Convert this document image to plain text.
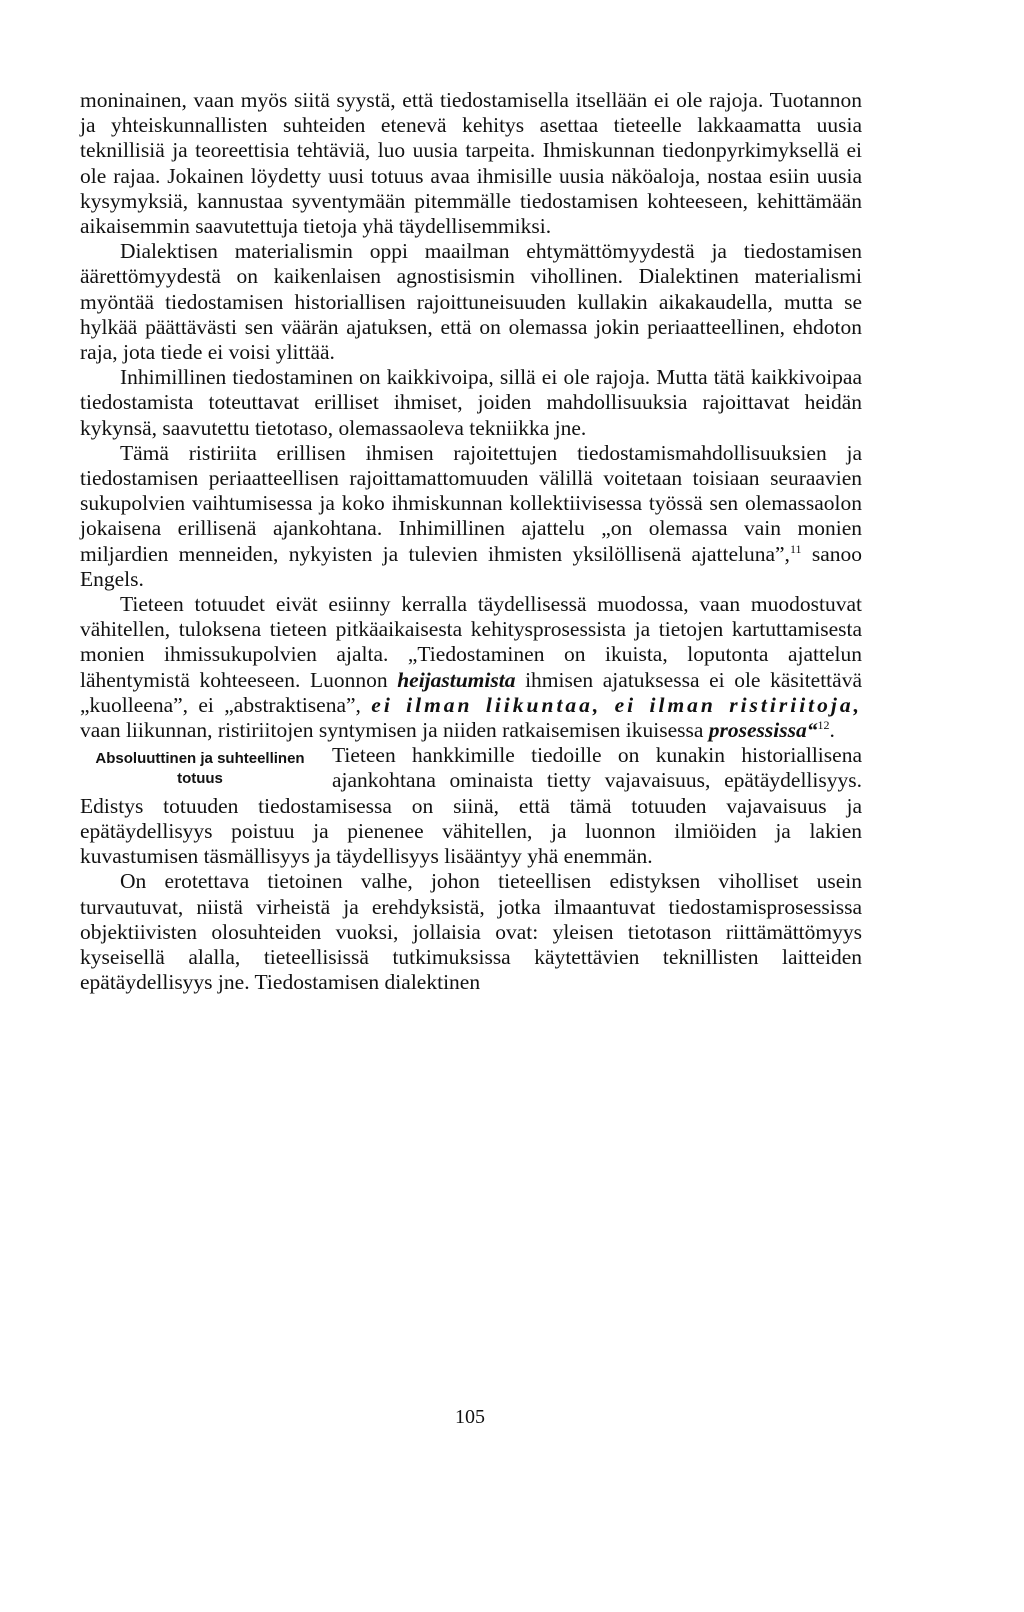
moninainen, vaan myös siitä syystä, että tiedostamisella itsellään ei ole rajoja. Tuotannon ja yhteiskunnallisten suhteiden etenevä kehitys asettaa tieteelle lakkaamatta uusia teknillisiä ja teoreettisia tehtäviä, luo uusia tarpeita. Ihmiskunnan tiedonpyrkimyksellä ei ole rajaa. Jokainen löydetty uusi totuus avaa ihmisille uusia näköaloja, nostaa esiin uusia kysymyksiä, kannustaa syventymään pitemmälle tiedostamisen kohteeseen, kehittämään aikaisemmin saavutettuja tietoja yhä täydellisemmiksi.

Dialektisen materialismin oppi maailman ehtymättömyydestä ja tiedostamisen äärettömyydestä on kaikenlaisen agnostisismin vihollinen. Dialektinen materialismi myöntää tiedostamisen historiallisen rajoittuneisuuden kullakin aikakaudella, mutta se hylkää päättävästi sen väärän ajatuksen, että on olemassa jokin periaatteellinen, ehdoton raja, jota tiede ei voisi ylittää.

Inhimillinen tiedostaminen on kaikkivoipa, sillä ei ole rajoja. Mutta tätä kaikkivoipaa tiedostamista toteuttavat erilliset ihmiset, joiden mahdollisuuksia rajoittavat heidän kykynsä, saavutettu tietotaso, olemassaoleva tekniikka jne.

Tämä ristiriita erillisen ihmisen rajoitettujen tiedostamismahdollisuuksien ja tiedostamisen periaatteellisen rajoittamattomuuden välillä voitetaan toisiaan seuraavien sukupolvien vaihtumisessa ja koko ihmiskunnan kollektiivisessa työssä sen olemassaolon jokaisena erillisenä ajankohtana. Inhimillinen ajattelu „on olemassa vain monien miljardien menneiden, nykyisten ja tulevien ihmisten yksilöllisenä ajatteluna”,$^{11}$ sanoo Engels.

Tieteen totuudet eivät esiinny kerralla täydellisessä muodossa, vaan muodostuvat vähitellen, tuloksena tieteen pitkäaikaisesta kehitysprosessista ja tietojen kartuttamisesta monien ihmissukupolvien ajalta. „Tiedostaminen on ikuista, loputonta ajattelun lähentymistä kohteeseen. Luonnon heijastumista ihmisen ajatuksessa ei ole käsitettävä „kuolleena”, ei „abstraktisena”, ei ilman liikuntaa, ei ilman ristiriitoja, vaan liikunnan, ristiriitojen syntymisen ja niiden ratkaisemisen ikuisessa prosessissa“$^{12}$.

Absoluuttinen ja suhteellinen totuus

Tieteen hankkimille tiedoille on kunakin historiallisena ajankohtana ominaista tietty vajavaisuus, epätäydellisyys. Edistys totuuden tiedostamisessa on siinä, että tämä totuuden vajavaisuus ja epätäydellisyys poistuu ja pienenee vähitellen, ja luonnon ilmiöiden ja lakien kuvastumisen täsmällisyys ja täydellisyys lisääntyy yhä enemmän.

On erotettava tietoinen valhe, johon tieteellisen edistyksen viholliset usein turvautuvat, niistä virheistä ja erehdyksistä, jotka ilmaantuvat tiedostamisprosessissa objektiivisten olosuhteiden vuoksi, jollaisia ovat: yleisen tietotason riittämättömyys kyseisellä alalla, tieteellisissä tutkimuksissa käytettävien teknillisten laitteiden epätäydellisyys jne. Tiedostamisen dialektinen

105
